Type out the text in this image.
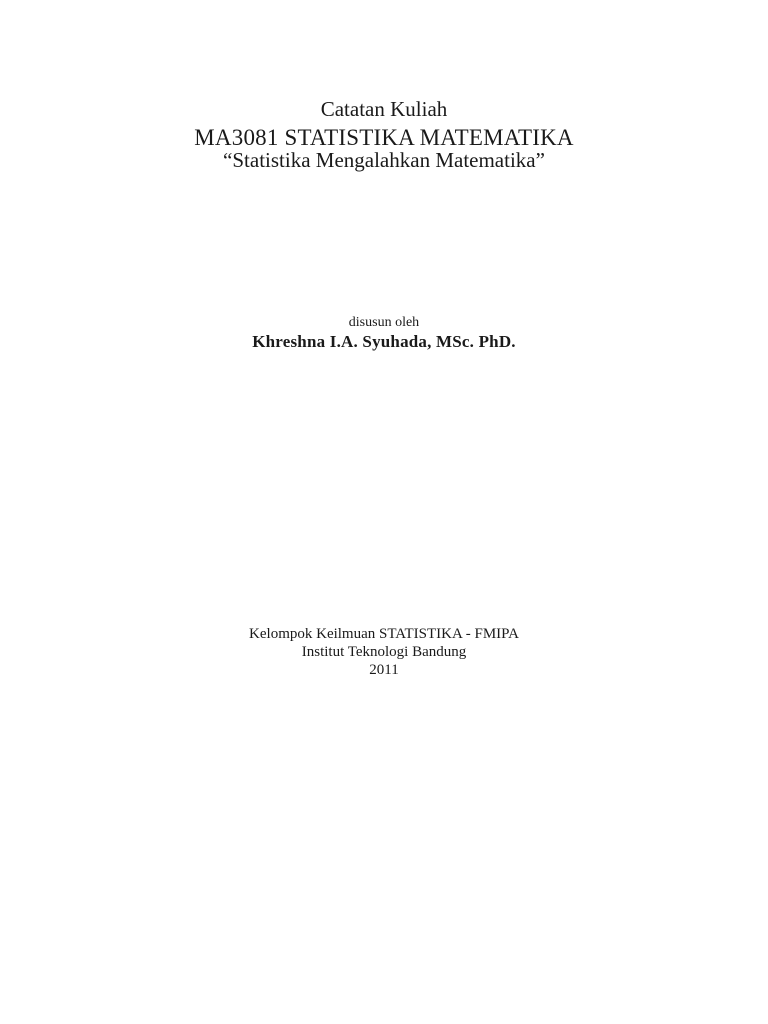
Catatan Kuliah
MA3081 STATISTIKA MATEMATIKA
“Statistika Mengalahkan Matematika”
disusun oleh
Khreshna I.A. Syuhada, MSc. PhD.
Kelompok Keilmuan STATISTIKA - FMIPA
Institut Teknologi Bandung
2011
